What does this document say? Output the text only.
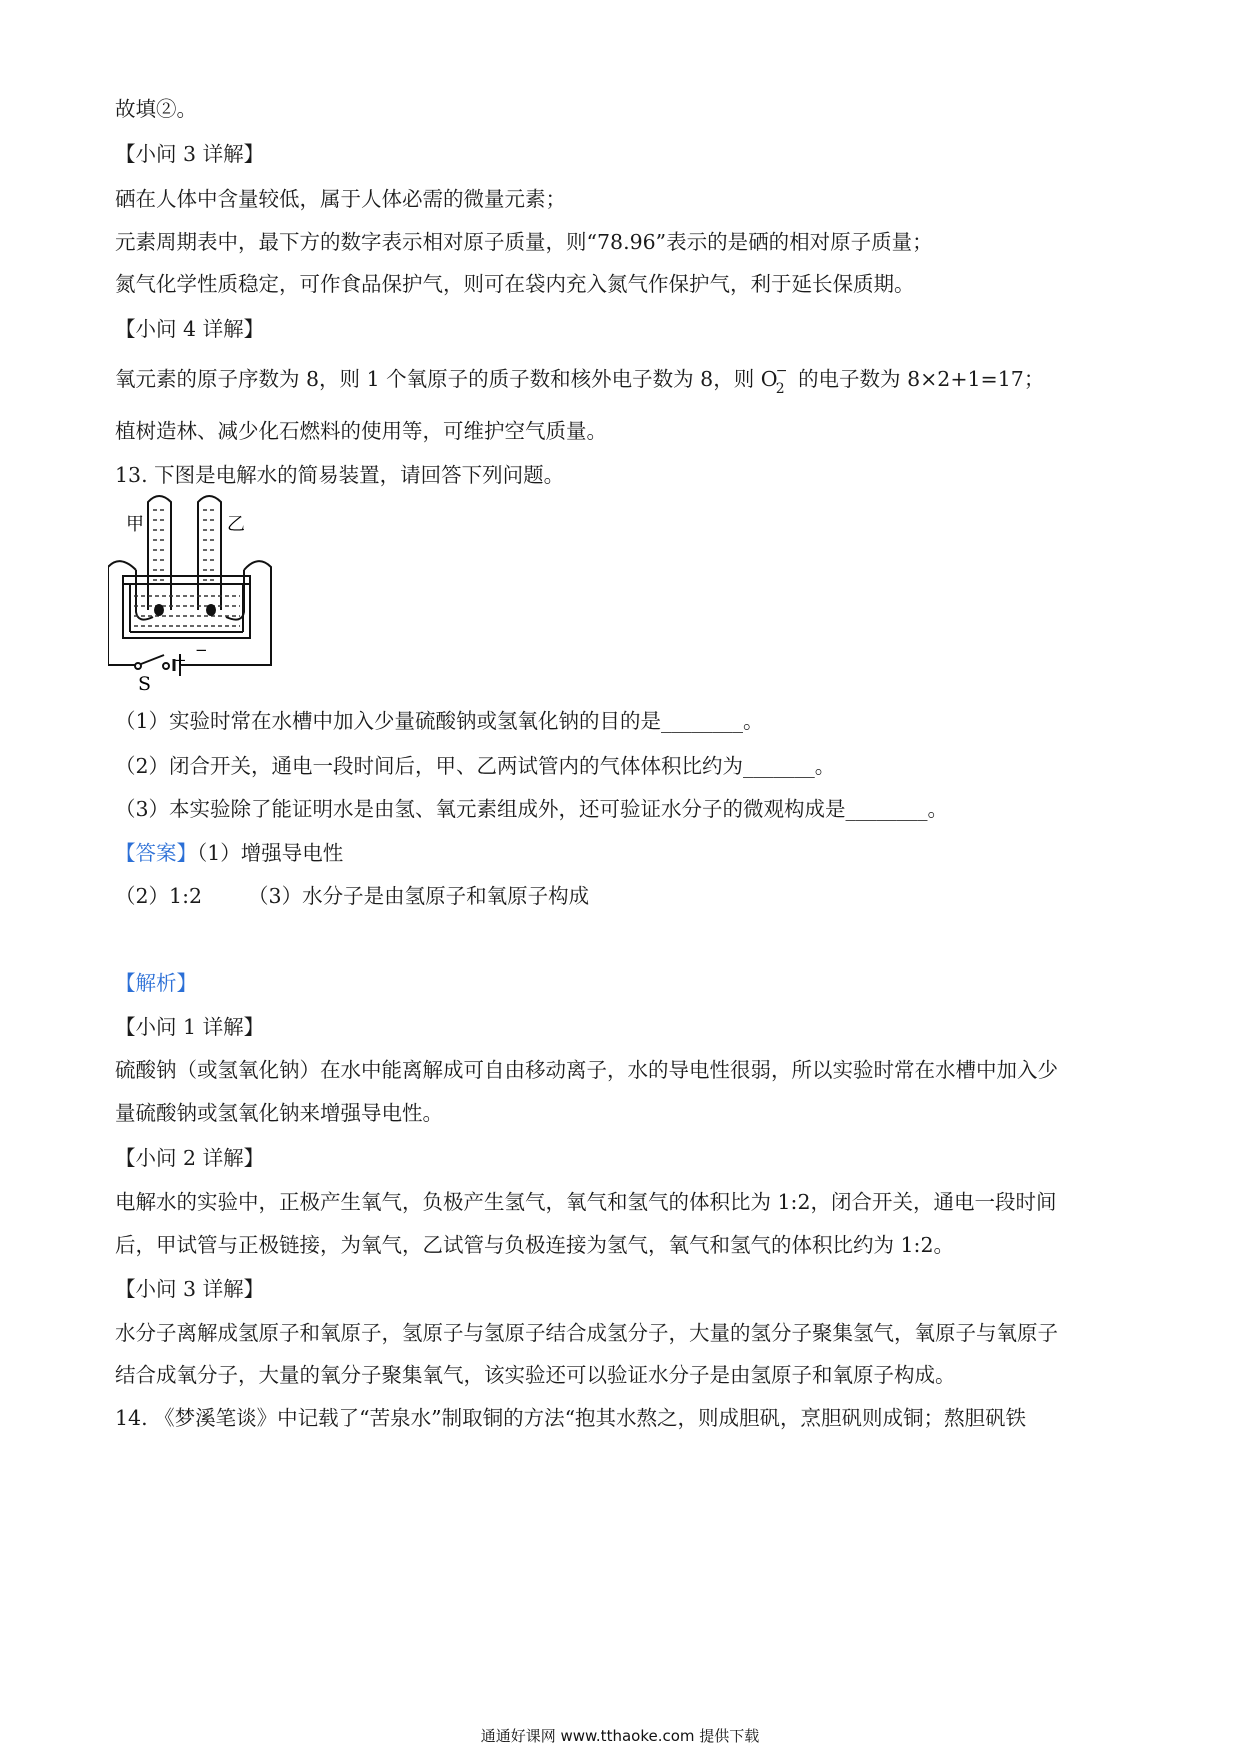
故填②。
【小问 3 详解】
硒在人体中含量较低，属于人体必需的微量元素；
元素周期表中，最下方的数字表示相对原子质量，则“78.96”表示的是硒的相对原子质量；
氮气化学性质稳定，可作食品保护气，则可在袋内充入氮气作保护气，利于延长保质期。
【小问 4 详解】
氧元素的原子序数为 8，则 1 个氧原子的质子数和核外电子数为 8，则 O
2
− 的电子数为 8×2+1=17；
植树造林、减少化石燃料的使用等，可维护空气质量。
13. 下图是电解水的简易装置，请回答下列问题。
甲	乙
+
−
S
（1）实验时常在水槽中加入少量硫酸钠或氢氧化钠的目的是________。
（2）闭合开关，通电一段时间后，甲、乙两试管内的气体体积比约为_______。
（3）本实验除了能证明水是由氢、氧元素组成外，还可验证水分子的微观构成是________。
【答案】（1）增强导电性
（2）1:2 （3）水分子是由氢原子和氧原子构成
【解析】
【小问 1 详解】
硫酸钠（或氢氧化钠）在水中能离解成可自由移动离子，水的导电性很弱，所以实验时常在水槽中加入少
量硫酸钠或氢氧化钠来增强导电性。
【小问 2 详解】
电解水的实验中，正极产生氧气，负极产生氢气，氧气和氢气的体积比为 1:2，闭合开关，通电一段时间
后，甲试管与正极链接，为氧气，乙试管与负极连接为氢气，氧气和氢气的体积比约为 1:2。
【小问 3 详解】
水分子离解成氢原子和氧原子，氢原子与氢原子结合成氢分子，大量的氢分子聚集氢气，氧原子与氧原子
结合成氧分子，大量的氧分子聚集氧气，该实验还可以验证水分子是由氢原子和氧原子构成。
14. 《梦溪笔谈》中记载了“苦泉水”制取铜的方法“抱其水熬之，则成胆矾，烹胆矾则成铜；熬胆矾铁
通通好课网 www.tthaoke.com 提供下载
